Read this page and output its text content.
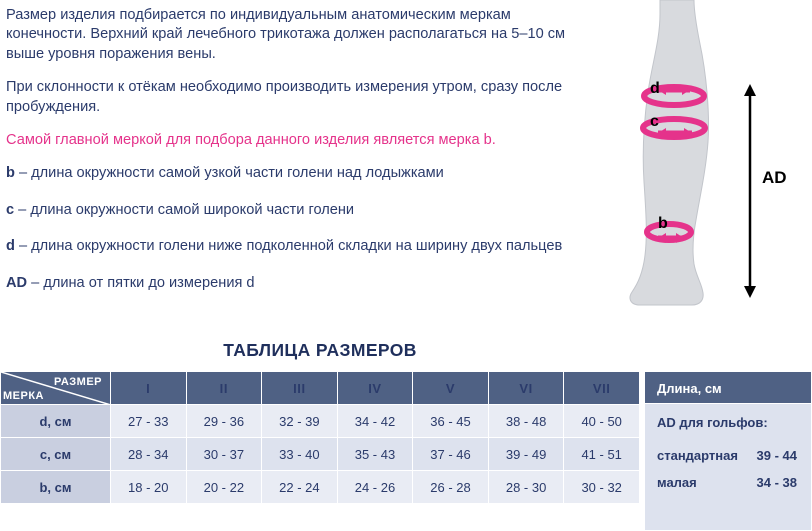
Размер изделия подбирается по индивидуальным анатомическим меркам конечности. Верхний край лечебного трикотажа должен располагаться на 5–10 см выше уровня поражения вены.

При склонности к отёкам необходимо производить измерения утром, сразу после пробуждения.

Самой главной меркой для подбора данного изделия является мерка b.

b – длина окружности самой узкой части голени над лодыжками

c – длина окружности самой широкой части голени

d – длина окружности голени ниже подколенной складки на ширину двух пальцев

AD – длина от пятки до измерения d

d
c
b
AD
ТАБЛИЦА РАЗМЕРОВ
РАЗМЕР
МЕРКА	I	II	III	IV	V	VI	VII
d, см	27 - 33	29 - 36	32 - 39	34 - 42	36 - 45	38 - 48	40 - 50
c, см	28 - 34	30 - 37	33 - 40	35 - 43	37 - 46	39 - 49	41 - 51
b, см	18 - 20	20 - 22	22 - 24	24 - 26	26 - 28	28 - 30	30 - 32
Длина, см
AD для гольфов:
стандартная 39 - 44
малая	34 - 38
